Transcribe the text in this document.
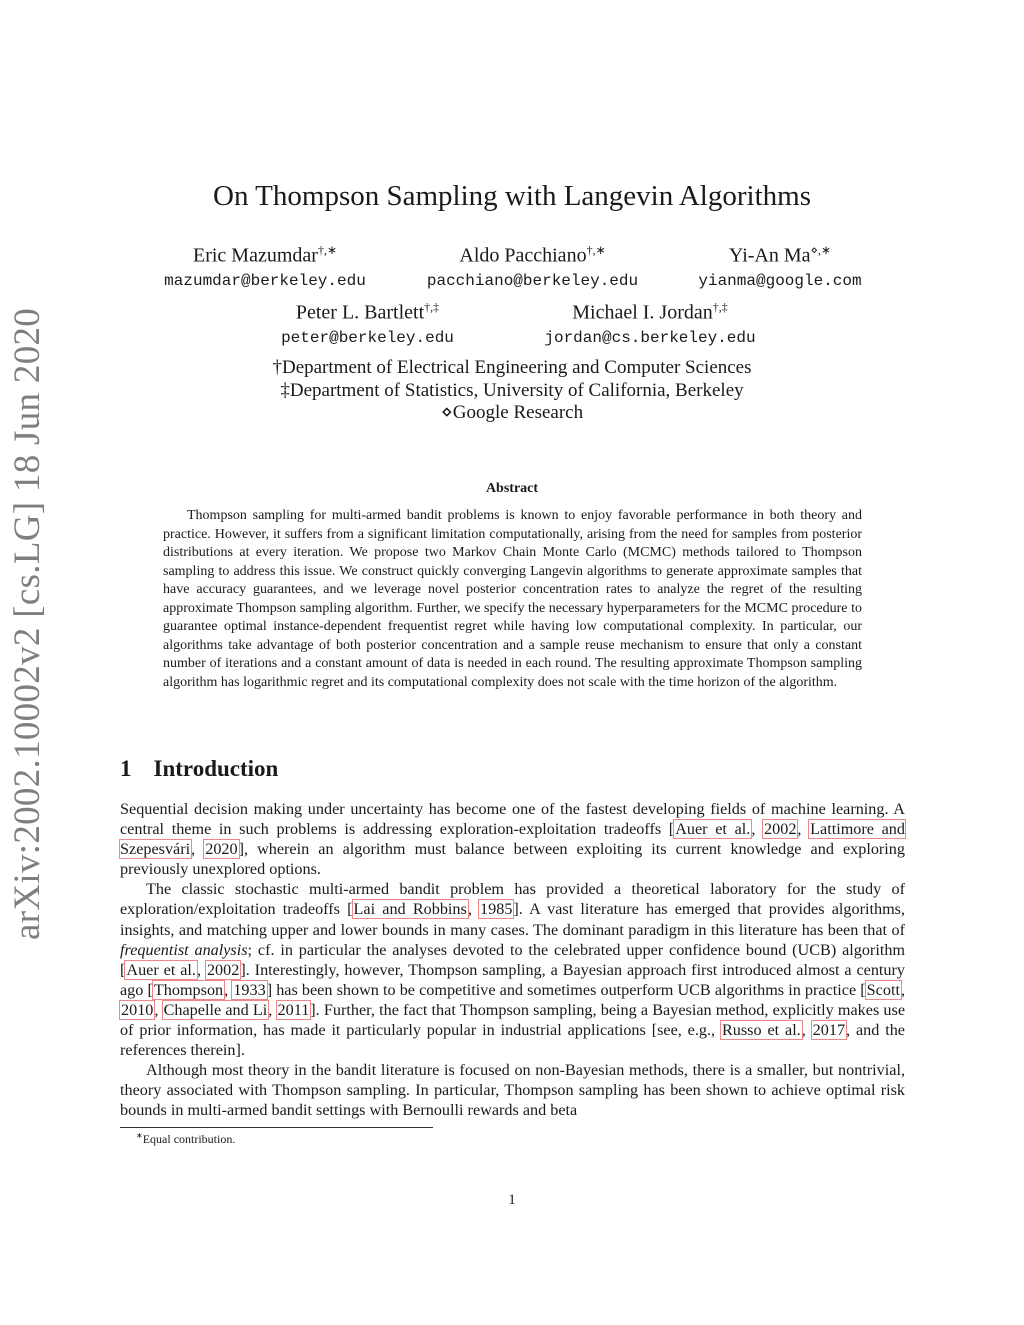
arXiv:2002.10002v2 [cs.LG] 18 Jun 2020
On Thompson Sampling with Langevin Algorithms
Eric Mazumdar†,∗
mazumdar@berkeley.edu
Aldo Pacchiano†,∗
pacchiano@berkeley.edu
Yi-An Ma⋄,∗
yianma@google.com
Peter L. Bartlett†,‡
peter@berkeley.edu
Michael I. Jordan†,‡
jordan@cs.berkeley.edu
†Department of Electrical Engineering and Computer Sciences
‡Department of Statistics, University of California, Berkeley
⋄Google Research
Abstract
Thompson sampling for multi-armed bandit problems is known to enjoy favorable performance in both theory and practice. However, it suffers from a significant limitation computationally, arising from the need for samples from posterior distributions at every iteration. We propose two Markov Chain Monte Carlo (MCMC) methods tailored to Thompson sampling to address this issue. We construct quickly converging Langevin algorithms to generate approximate samples that have accuracy guarantees, and we leverage novel posterior concentration rates to analyze the regret of the resulting approximate Thompson sampling algorithm. Further, we specify the necessary hyperparameters for the MCMC procedure to guarantee optimal instance-dependent frequentist regret while having low computational complexity. In particular, our algorithms take advantage of both posterior concentration and a sample reuse mechanism to ensure that only a constant number of iterations and a constant amount of data is needed in each round. The resulting approximate Thompson sampling algorithm has logarithmic regret and its computational complexity does not scale with the time horizon of the algorithm.
1 Introduction

Sequential decision making under uncertainty has become one of the fastest developing fields of machine learning. A central theme in such problems is addressing exploration-exploitation tradeoffs [Auer et al., 2002, Lattimore and Szepesvári, 2020], wherein an algorithm must balance between exploiting its current knowledge and exploring previously unexplored options.

The classic stochastic multi-armed bandit problem has provided a theoretical laboratory for the study of exploration/exploitation tradeoffs [Lai and Robbins, 1985]. A vast literature has emerged that provides algorithms, insights, and matching upper and lower bounds in many cases. The dominant paradigm in this literature has been that of frequentist analysis; cf. in particular the analyses devoted to the celebrated upper confidence bound (UCB) algorithm [Auer et al., 2002]. Interestingly, however, Thompson sampling, a Bayesian approach first introduced almost a century ago [Thompson, 1933] has been shown to be competitive and sometimes outperform UCB algorithms in practice [Scott, 2010, Chapelle and Li, 2011]. Further, the fact that Thompson sampling, being a Bayesian method, explicitly makes use of prior information, has made it particularly popular in industrial applications [see, e.g., Russo et al., 2017, and the references therein].

Although most theory in the bandit literature is focused on non-Bayesian methods, there is a smaller, but nontrivial, theory associated with Thompson sampling. In particular, Thompson sampling has been shown to achieve optimal risk bounds in multi-armed bandit settings with Bernoulli rewards and beta

∗Equal contribution.
1
